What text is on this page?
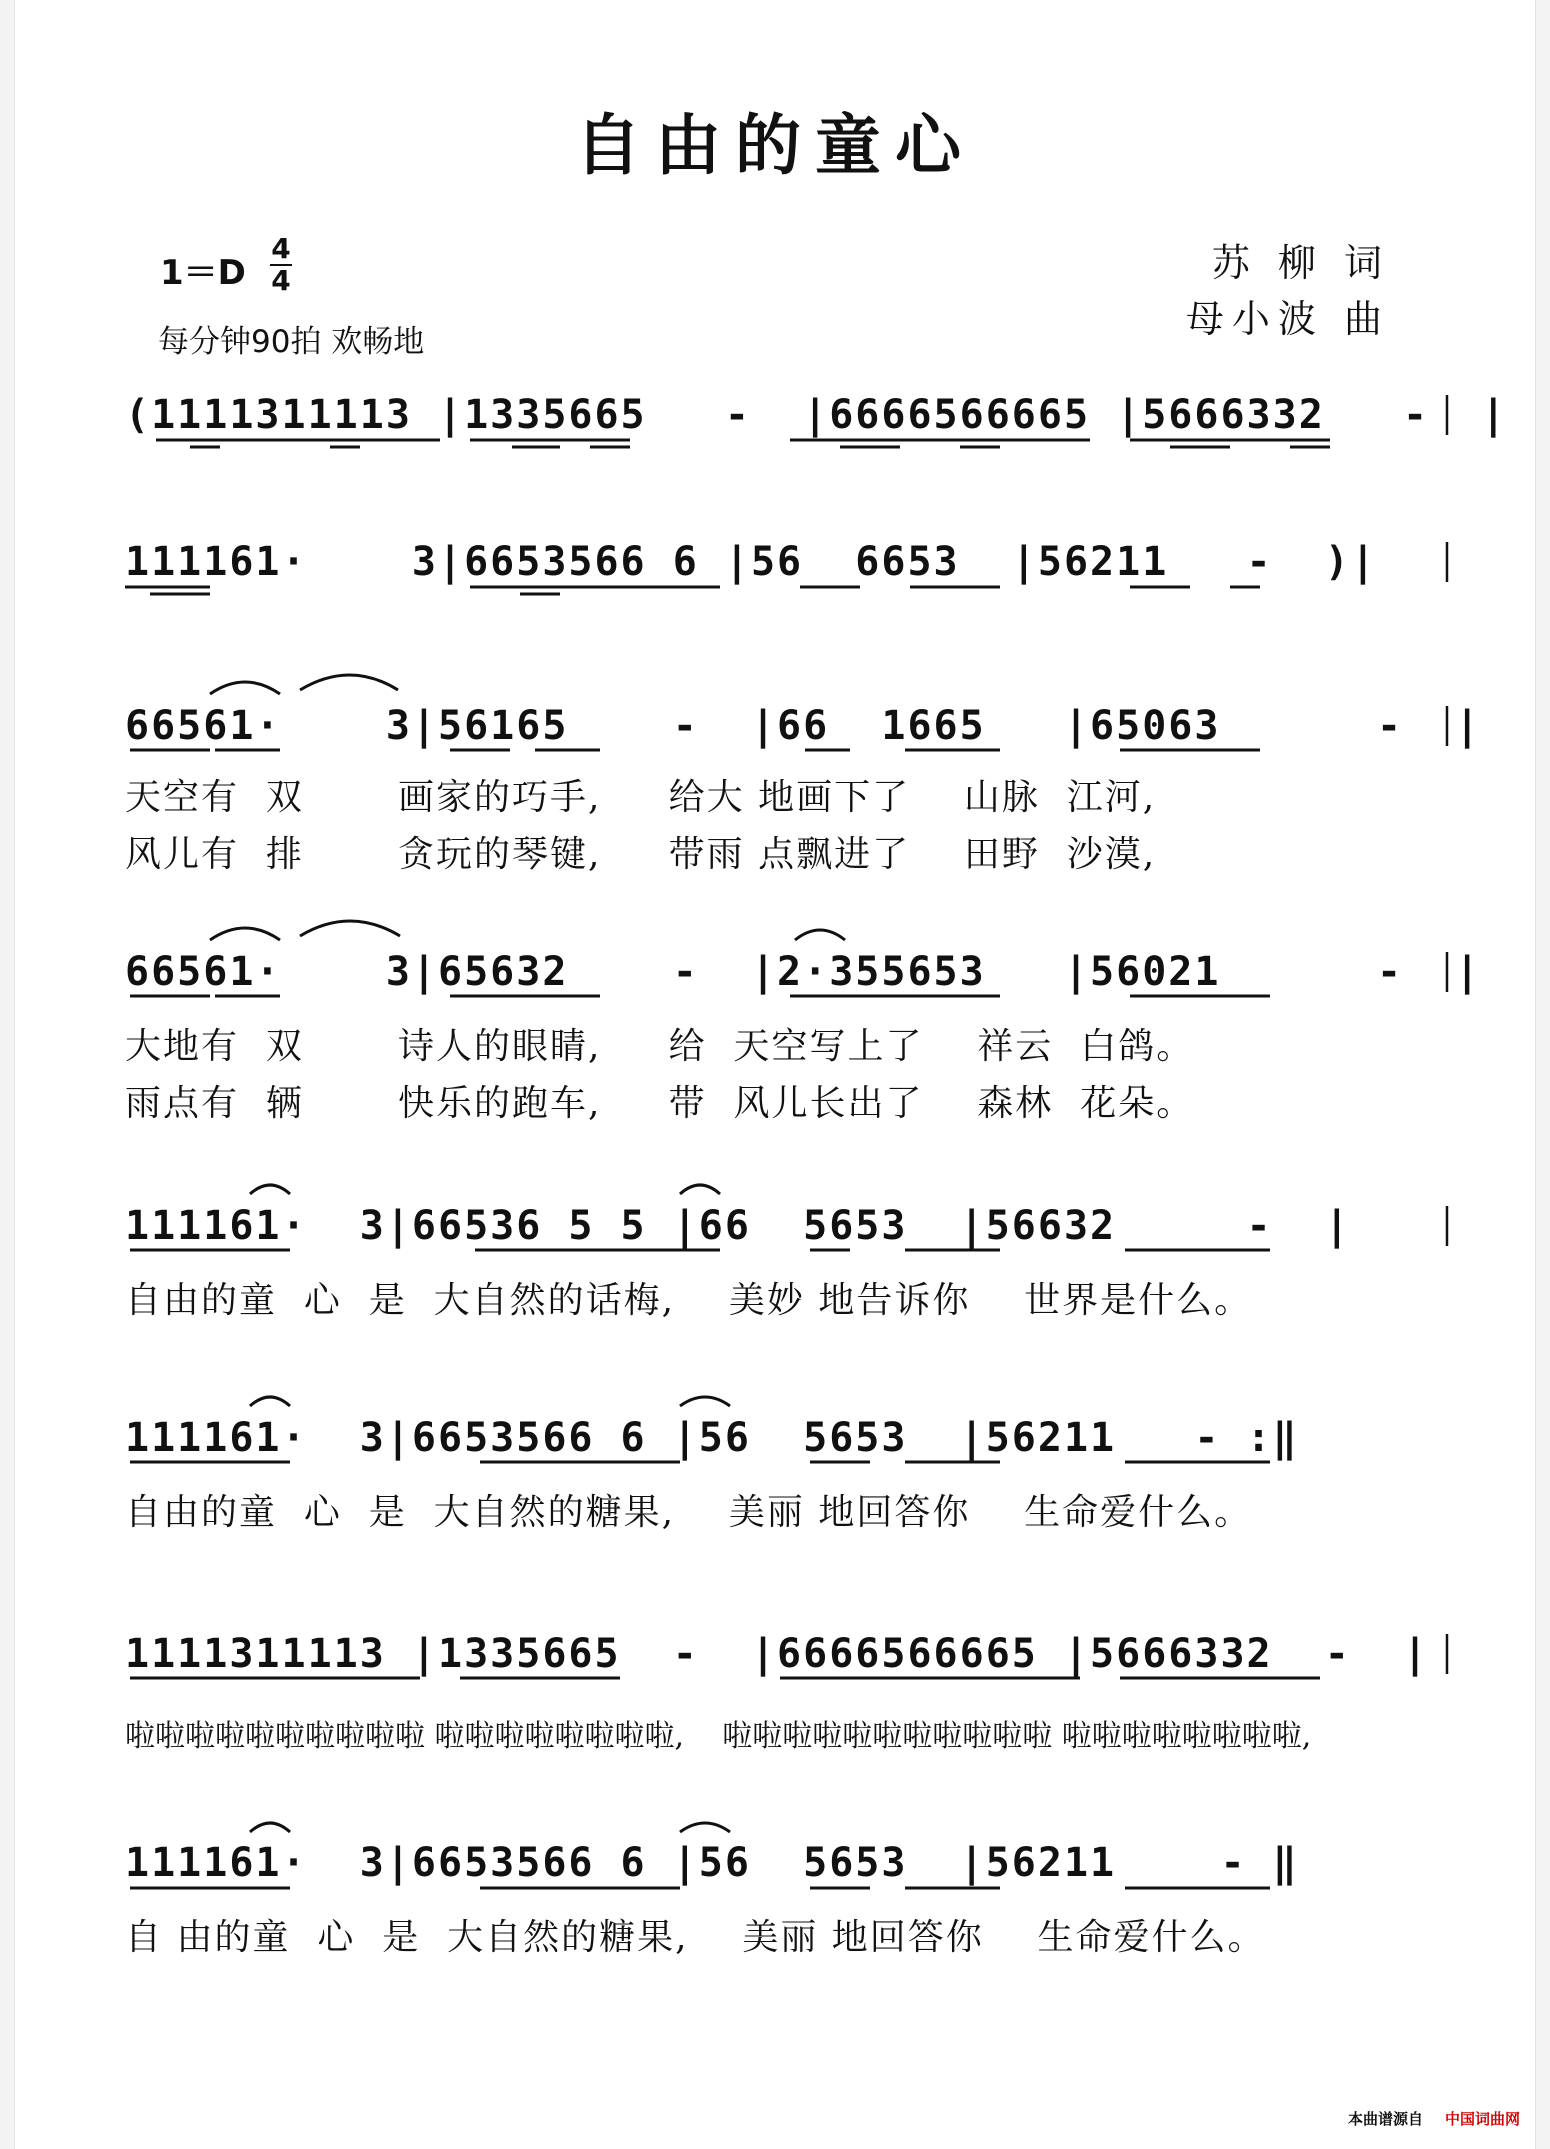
自由的童心
1＝D
4
4
每分钟90拍 欢畅地
苏 柳 词
母小波 曲
(1111311113 |1335665   -  |6666566665 |5666332   -  |
111161·    3|6653566 6 |56  6653  |56211   -  )|
66561·    3|56165    -  |66  1665   |65063      -  |
天空有  双       画家的巧手,     给大 地画下了    山脉  江河,
风儿有  排       贪玩的琴键,     带雨 点飘进了    田野  沙漠,
66561·    3|65632    -  |2·355653   |56021      -  |
大地有  双       诗人的眼睛,     给  天空写上了    祥云  白鸽。
雨点有  辆       快乐的跑车,     带  风儿长出了    森林  花朵。
111161·  3|66536 5 5 |66  5653  |56632     -  |
自由的童  心  是  大自然的话梅,    美妙 地告诉你    世界是什么。
111161·  3|6653566 6 |56  5653  |56211   - :‖
自由的童  心  是  大自然的糖果,    美丽 地回答你    生命爱什么。
1111311113 |1335665  -  |6666566665 |5666332  -  |
啦啦啦啦啦啦啦啦啦啦 啦啦啦啦啦啦啦啦,    啦啦啦啦啦啦啦啦啦啦啦 啦啦啦啦啦啦啦啦,
111161·  3|6653566 6 |56  5653  |56211    - ‖
自 由的童  心  是  大自然的糖果,    美丽 地回答你    生命爱什么。
本曲谱源自 中国词曲网
